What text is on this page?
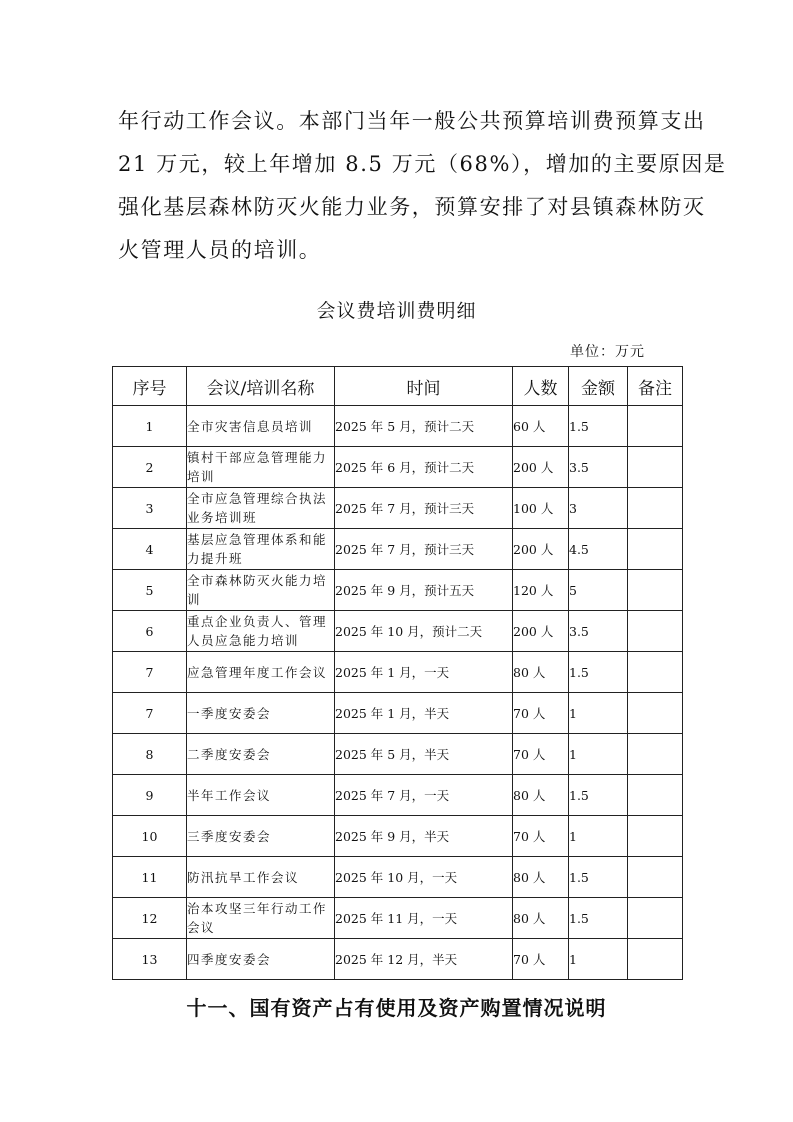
年行动工作会议。本部门当年一般公共预算培训费预算支出
21 万元，较上年增加 8.5 万元（68%），增加的主要原因是
强化基层森林防灭火能力业务，预算安排了对县镇森林防灭
火管理人员的培训。
会议费培训费明细
单位：万元
序号	会议/培训名称	时间	人数	金额	备注
1	全市灾害信息员培训	2025 年 5 月，预计二天	60 人	1.5	
2	镇村干部应急管理能力培训	2025 年 6 月，预计二天	200 人	3.5	
3	全市应急管理综合执法业务培训班	2025 年 7 月，预计三天	100 人	3	
4	基层应急管理体系和能力提升班	2025 年 7 月，预计三天	200 人	4.5	
5	全市森林防灭火能力培训	2025 年 9 月，预计五天	120 人	5	
6	重点企业负责人、管理人员应急能力培训	2025 年 10 月，预计二天	200 人	3.5	
7	应急管理年度工作会议	2025 年 1 月，一天	80 人	1.5	
7	一季度安委会	2025 年 1 月，半天	70 人	1	
8	二季度安委会	2025 年 5 月，半天	70 人	1	
9	半年工作会议	2025 年 7 月，一天	80 人	1.5	
10	三季度安委会	2025 年 9 月，半天	70 人	1	
11	防汛抗旱工作会议	2025 年 10 月，一天	80 人	1.5	
12	治本攻坚三年行动工作会议	2025 年 11 月，一天	80 人	1.5	
13	四季度安委会	2025 年 12 月，半天	70 人	1	
十一、国有资产占有使用及资产购置情况说明
